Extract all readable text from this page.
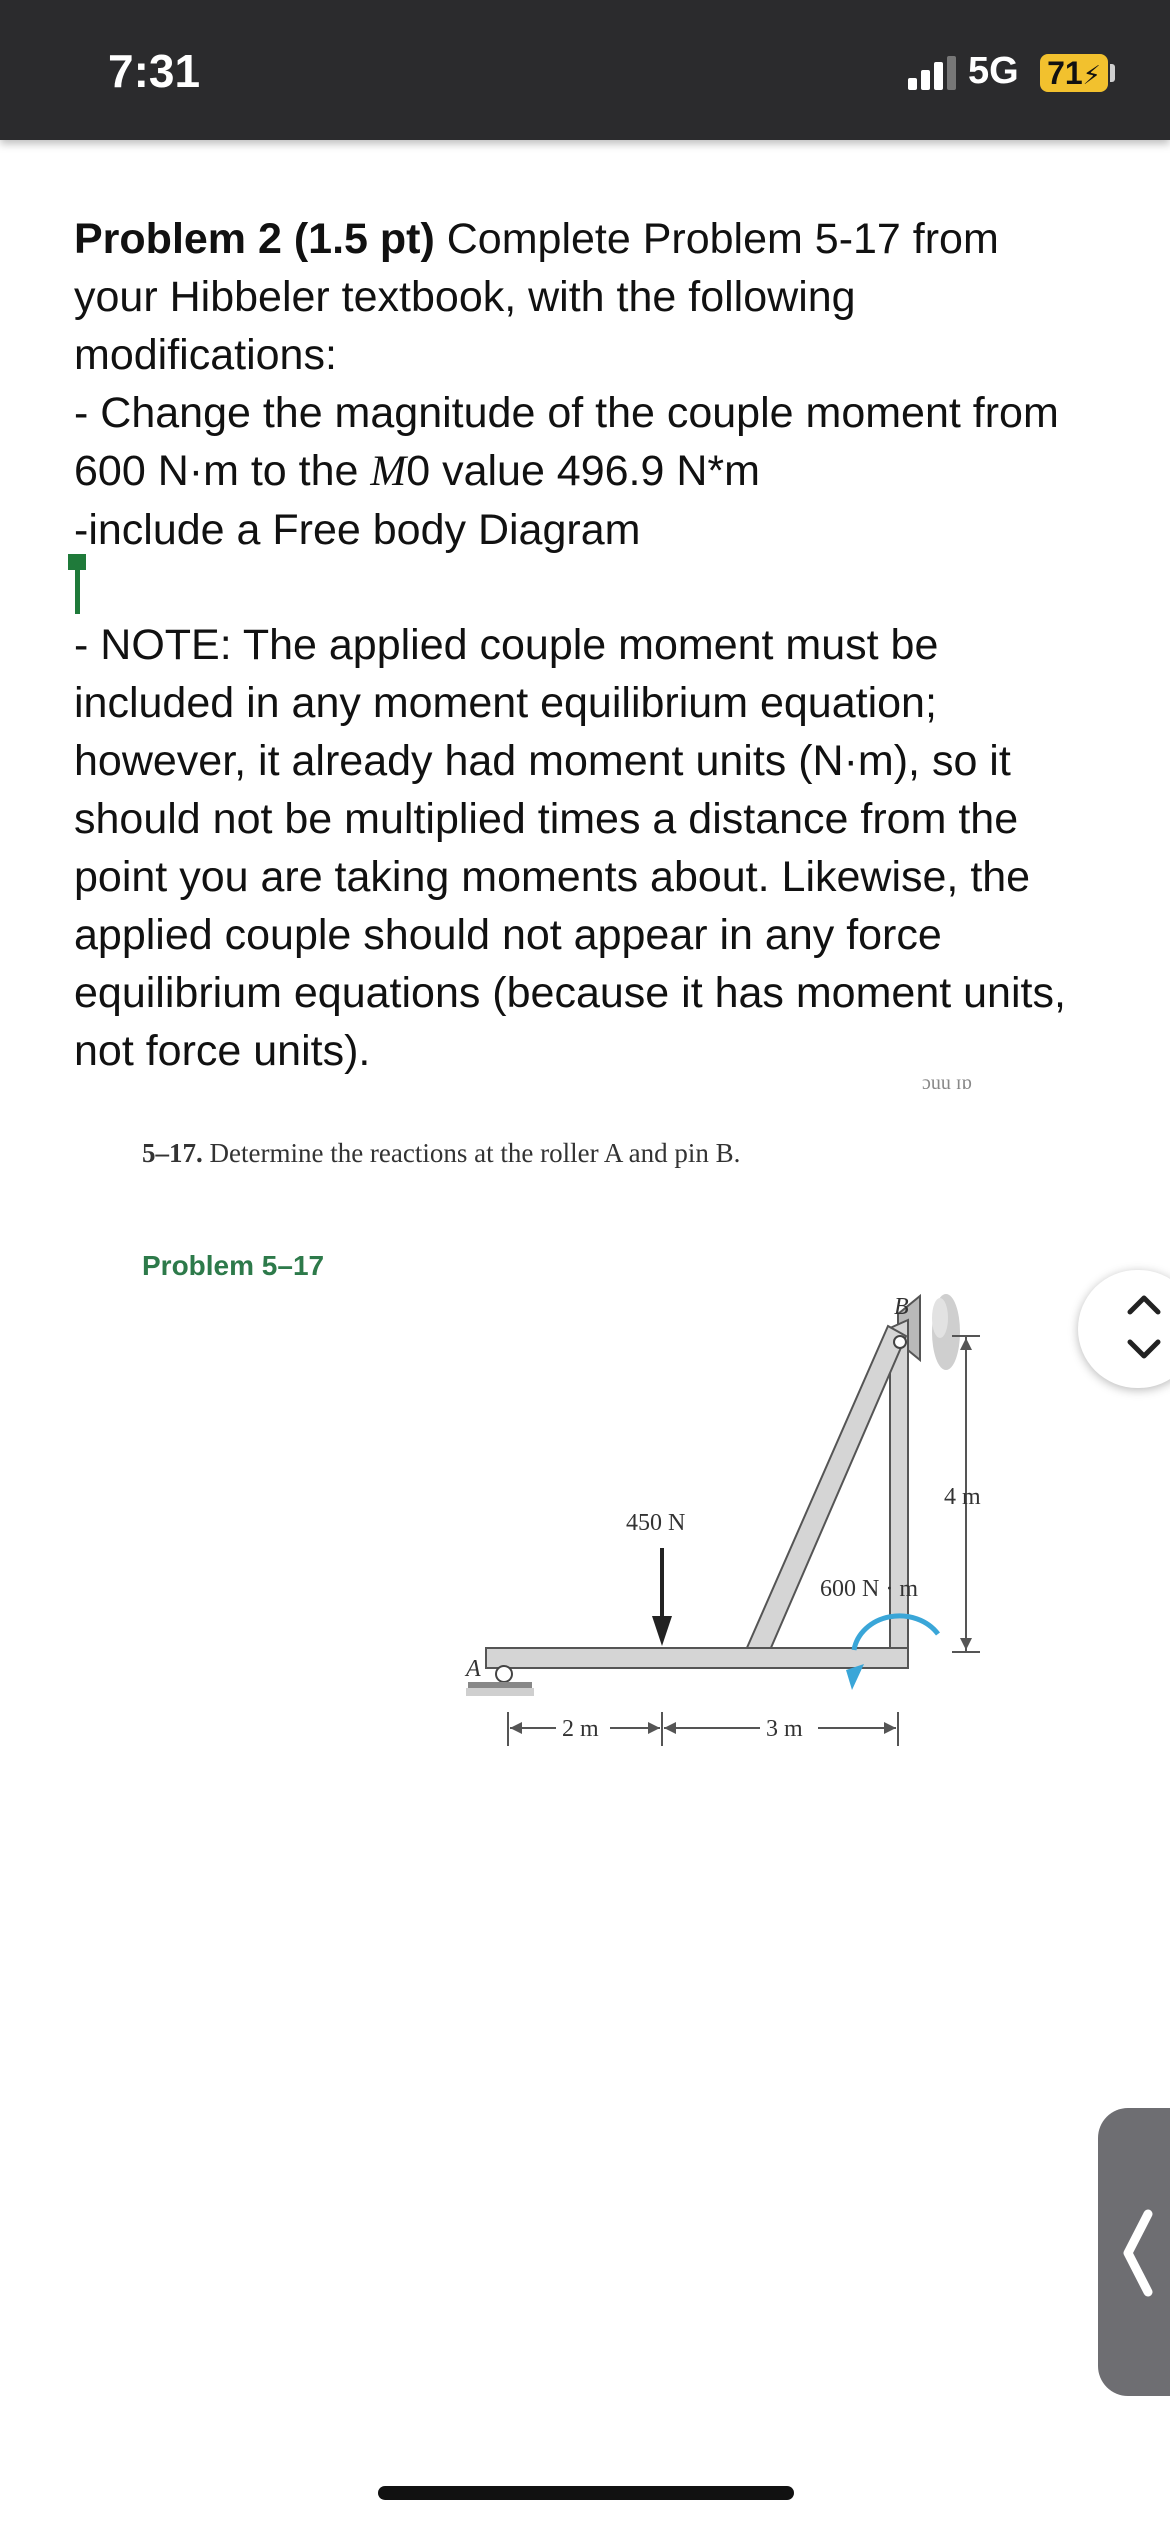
7:31	5G 71⚡

Problem 2 (1.5 pt) Complete Problem 5-17 from your Hibbeler textbook, with the following modifications:

- Change the magnitude of the couple moment from 600 N·m to the M0 value 496.9 N*m

-include a Free body Diagram

- NOTE: The applied couple moment must be included in any moment equilibrium equation; however, it already had moment units (N·m), so it should not be multiplied times a distance from the point you are taking moments about. Likewise, the applied couple should not appear in any force equilibrium equations (because it has moment units, not force units).
ɔuu ɪɒ
5–17. Determine the reactions at the roller A and pin B.
Problem 5–17
B
A
450 N
600 N · m
4 m
2 m	3 m
